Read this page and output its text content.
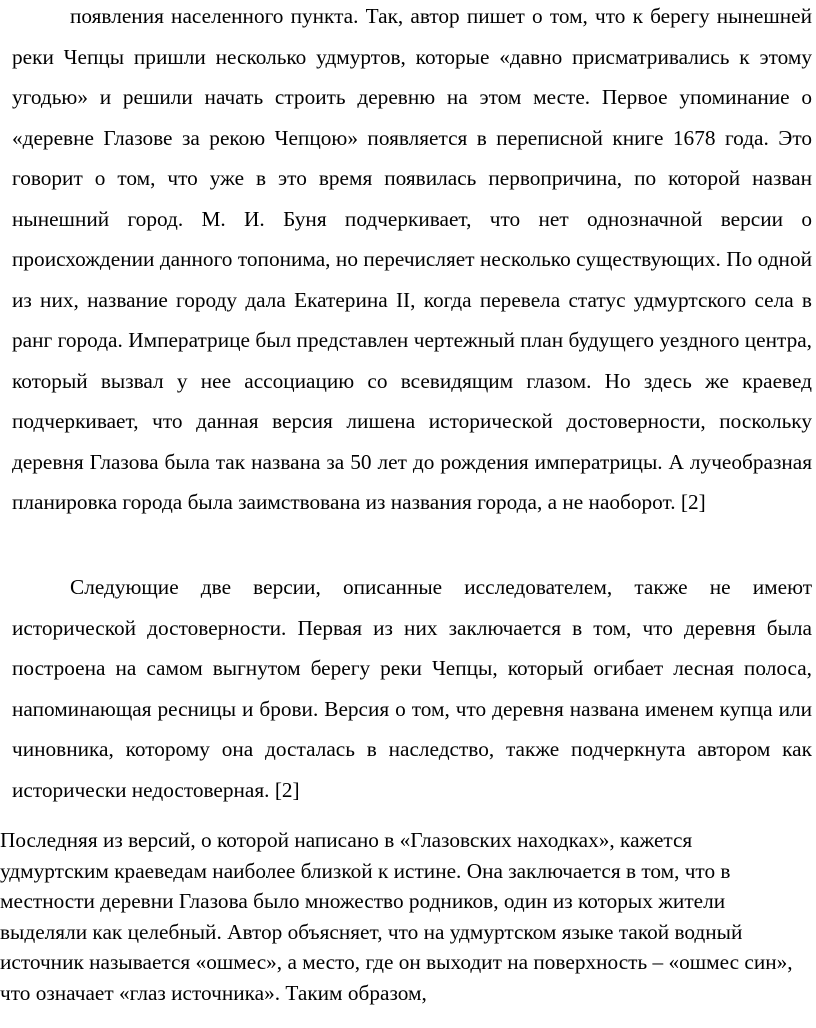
появления населенного пункта. Так, автор пишет о том, что к берегу нынешней реки Чепцы пришли несколько удмуртов, которые «давно присматривались к этому угодью» и решили начать строить деревню на этом месте. Первое упоминание о «деревне Глазове за рекою Чепцою» появляется в переписной книге 1678 года. Это говорит о том, что уже в это время появилась первопричина, по которой назван нынешний город. М. И. Буня подчеркивает, что нет однозначной версии о происхождении данного топонима, но перечисляет несколько существующих. По одной из них, название городу дала Екатерина II, когда перевела статус удмуртского села в ранг города. Императрице был представлен чертежный план будущего уездного центра, который вызвал у нее ассоциацию со всевидящим глазом. Но здесь же краевед подчеркивает, что данная версия лишена исторической достоверности, поскольку деревня Глазова была так названа за 50 лет до рождения императрицы. А лучеобразная планировка города была заимствована из названия города, а не наоборот. [2]

Следующие две версии, описанные исследователем, также не имеют исторической достоверности. Первая из них заключается в том, что деревня была построена на самом выгнутом берегу реки Чепцы, который огибает лесная полоса, напоминающая ресницы и брови. Версия о том, что деревня названа именем купца или чиновника, которому она досталась в наследство, также подчеркнута автором как исторически недостоверная. [2]

Последняя из версий, о которой написано в «Глазовских находках», кажется удмуртским краеведам наиболее близкой к истине. Она заключается в том, что в местности деревни Глазова было множество родников, один из которых жители выделяли как целебный. Автор объясняет, что на удмуртском языке такой водный источник называется «ошмес», а место, где он выходит на поверхность – «ошмес син», что означает «глаз источника». Таким образом,
